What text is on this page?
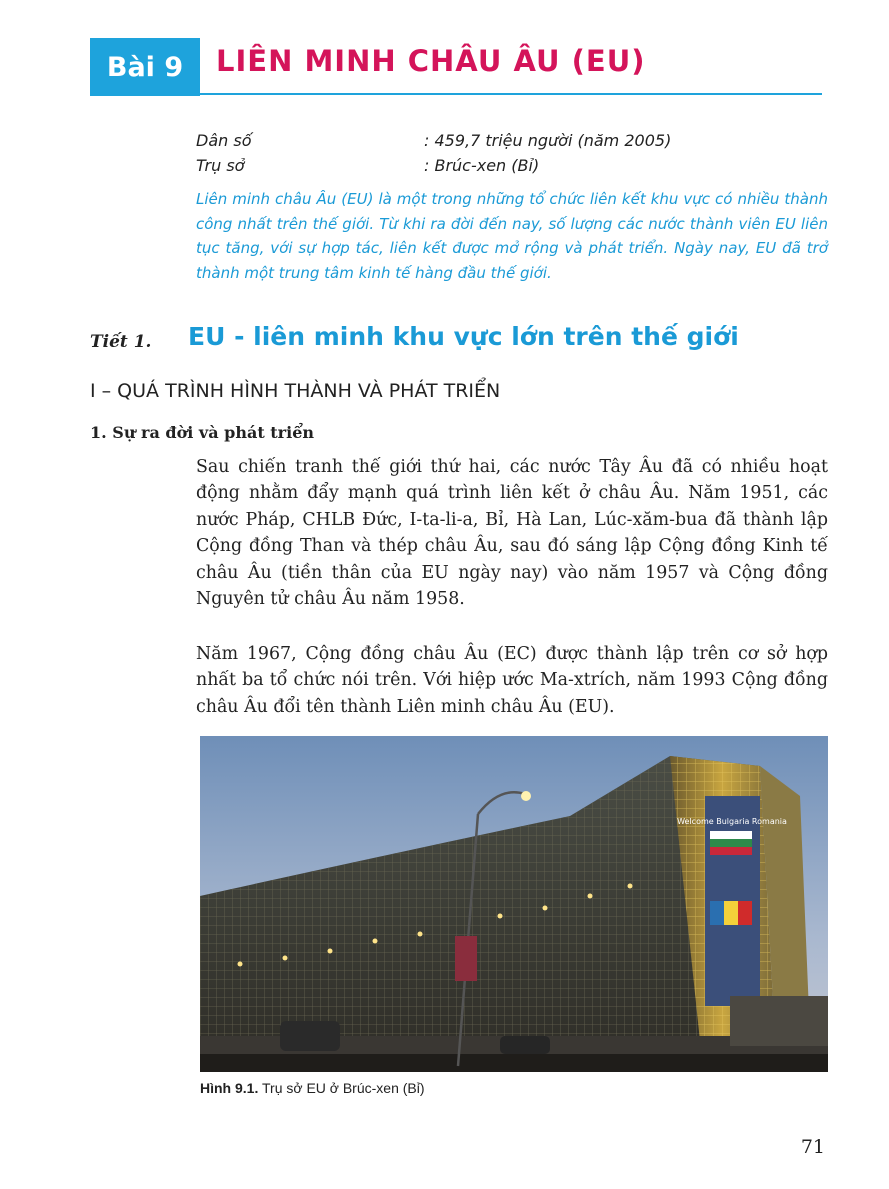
Bài 9	LIÊN MINH CHÂU ÂU (EU)
Dân số	: 459,7 triệu người (năm 2005)
Trụ sở	: Brúc-xen (Bỉ)
Liên minh châu Âu (EU) là một trong những tổ chức liên kết khu vực có nhiều thành công nhất trên thế giới. Từ khi ra đời đến nay, số lượng các nước thành viên EU liên tục tăng, với sự hợp tác, liên kết được mở rộng và phát triển. Ngày nay, EU đã trở thành một trung tâm kinh tế hàng đầu thế giới.
Tiết 1. EU - liên minh khu vực lớn trên thế giới
I – QUÁ TRÌNH HÌNH THÀNH VÀ PHÁT TRIỂN
1. Sự ra đời và phát triển
Sau chiến tranh thế giới thứ hai, các nước Tây Âu đã có nhiều hoạt động nhằm đẩy mạnh quá trình liên kết ở châu Âu. Năm 1951, các nước Pháp, CHLB Đức, I-ta-li-a, Bỉ, Hà Lan, Lúc-xăm-bua đã thành lập Cộng đồng Than và thép châu Âu, sau đó sáng lập Cộng đồng Kinh tế châu Âu (tiền thân của EU ngày nay) vào năm 1957 và Cộng đồng Nguyên tử châu Âu năm 1958.
Năm 1967, Cộng đồng châu Âu (EC) được thành lập trên cơ sở hợp nhất ba tổ chức nói trên. Với hiệp ước Ma-xtrích, năm 1993 Cộng đồng châu Âu đổi tên thành Liên minh châu Âu (EU).
Welcome Bulgaria Romania
Hình 9.1. Trụ sở EU ở Brúc-xen (Bỉ)
71
